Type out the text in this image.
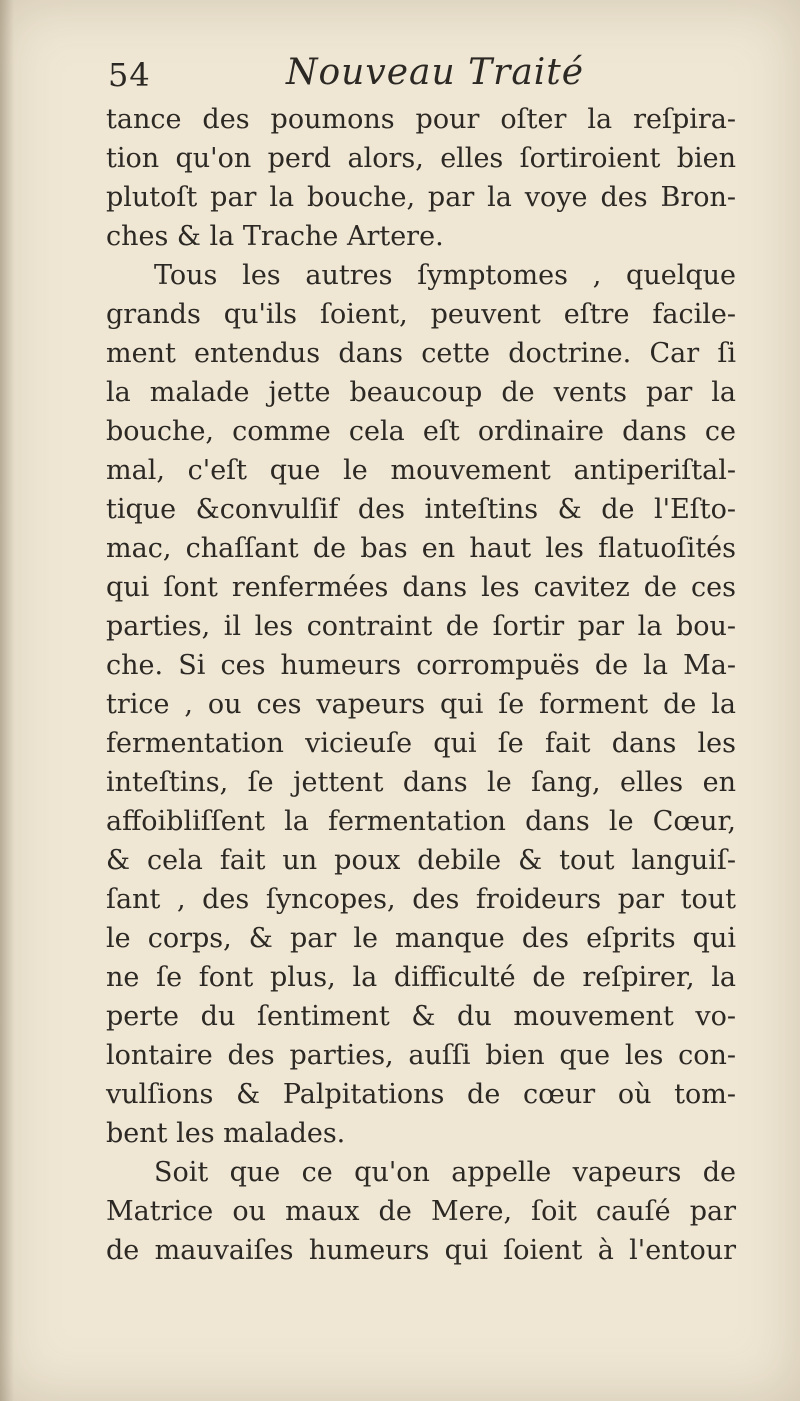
54	Nouveau Traité
tance des poumons pour oſter la reſpira-
tion qu'on perd alors, elles ſortiroient bien
plutoſt par la bouche, par la voye des Bron-
ches & la Trache Artere.
Tous les autres ſymptomes , quelque
grands qu'ils ſoient, peuvent eſtre facile-
ment entendus dans cette doctrine. Car ſi
la malade jette beaucoup de vents par la
bouche, comme cela eſt ordinaire dans ce
mal, c'eſt que le mouvement antiperiſtal-
tique &convulſif des inteſtins & de l'Eſto-
mac, chaſſant de bas en haut les flatuoſités
qui ſont renfermées dans les cavitez de ces
parties, il les contraint de ſortir par la bou-
che. Si ces humeurs corrompuës de la Ma-
trice , ou ces vapeurs qui ſe forment de la
fermentation vicieuſe qui ſe fait dans les
inteſtins, ſe jettent dans le ſang, elles en
affoibliſſent la fermentation dans le Cœur,
& cela fait un poux debile & tout languiſ-
ſant , des ſyncopes, des froideurs par tout
le corps, & par le manque des eſprits qui
ne ſe font plus, la difficulté de reſpirer, la
perte du ſentiment & du mouvement vo-
lontaire des parties, auſſi bien que les con-
vulſions & Palpitations de cœur où tom-
bent les malades.
Soit que ce qu'on appelle vapeurs de
Matrice ou maux de Mere, ſoit cauſé par
de mauvaiſes humeurs qui ſoient à l'entour
